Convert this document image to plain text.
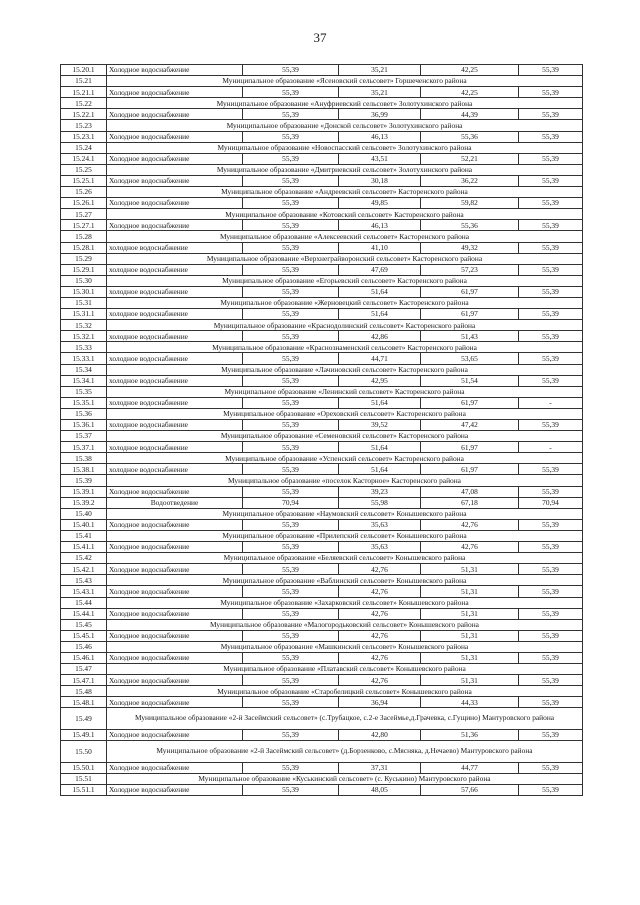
37
15.20.1	Холодное водоснабжение	55,39	35,21	42,25	55,39
15.21	Муниципальное образование «Ясеновский сельсовет» Горшеченского района				
15.21.1	Холодное водоснабжение	55,39	35,21	42,25	55,39
15.22	Муниципальное образование «Ануфриевский сельсовет» Золотухинского района				
15.22.1	Холодное водоснабжение	55,39	36,99	44,39	55,39
15.23	Муниципальное образование «Донской сельсовет» Золотухинского района				
15.23.1	Холодное водоснабжение	55,39	46,13	55,36	55,39
15.24	Муниципальное образование «Новоспасский сельсовет» Золотухинского района				
15.24.1	Холодное водоснабжение	55,39	43,51	52,21	55,39
15.25	Муниципальное образование «Дмитриевский сельсовет» Золотухинского района				
15.25.1	Холодное водоснабжение	55,39	30,18	36,22	55,39
15.26	Муниципальное образование «Андреевский сельсовет» Касторенского района				
15.26.1	Холодное водоснабжение	55,39	49,85	59,82	55,39
15.27	Муниципальное образование «Котовский сельсовет» Касторенского района				
15.27.1	Холодное водоснабжение	55,39	46,13	55,36	55,39
15.28	Муниципальное образование «Алексеевский сельсовет» Касторенского района				
15.28.1	холодное водоснабжение	55,39	41,10	49,32	55,39
15.29	Муниципальное образование «Верхнеграйворонский сельсовет» Касторенского района				
15.29.1	холодное водоснабжение	55,39	47,69	57,23	55,39
15.30	Муниципальное образование «Егорьевский сельсовет» Касторенского района				
15.30.1	холодное водоснабжение	55,39	51,64	61,97	55,39
15.31	Муниципальное образование «Жерновецкий сельсовет» Касторенского района				
15.31.1	холодное водоснабжение	55,39	51,64	61,97	55,39
15.32	Муниципальное образование «Краснодолинский сельсовет» Касторенского района				
15.32.1	холодное водоснабжение	55,39	42,86	51,43	55,39
15.33	Муниципальное образование «Краснознаменский сельсовет» Касторенского района				
15.33.1	холодное водоснабжение	55,39	44,71	53,65	55,39
15.34	Муниципальное образование «Лачиновский сельсовет» Касторенского района				
15.34.1	холодное водоснабжение	55,39	42,95	51,54	55,39
15.35	Муниципальное образование «Ленинский сельсовет» Касторенского района				
15.35.1	холодное водоснабжение	55,39	51,64	61,97	-
15.36	Муниципальное образование «Ореховский сельсовет» Касторенского района				
15.36.1	холодное водоснабжение	55,39	39,52	47,42	55,39
15.37	Муниципальное образование «Семеновский сельсовет» Касторенского района				
15.37.1	холодное водоснабжение	55,39	51,64	61,97	-
15.38	Муниципальное образование «Успенский сельсовет» Касторенского района				
15.38.1	холодное водоснабжение	55,39	51,64	61,97	55,39
15.39	Муниципальное образование «поселок Касторное» Касторенского района				
15.39.1	Холодное водоснабжение	55,39	39,23	47,08	55,39
15.39.2	Водоотведение	70,94	55,98	67,18	70,94
15.40	Муниципальное образование «Наумовский сельсовет» Конышевского района				
15.40.1	Холодное водоснабжение	55,39	35,63	42,76	55,39
15.41	Муниципальное образование «Прилепский сельсовет» Конышевского района				
15.41.1	Холодное водоснабжение	55,39	35,63	42,76	55,39
15.42	Муниципальное образование «Беляевский сельсовет» Конышевского района				
15.42.1	Холодное водоснабжение	55,39	42,76	51,31	55,39
15.43	Муниципальное образование «Ваблинский сельсовет» Конышевского района				
15.43.1	Холодное водоснабжение	55,39	42,76	51,31	55,39
15.44	Муниципальное образование «Захарковский сельсовет» Конышевского района				
15.44.1	Холодное водоснабжение	55,39	42,76	51,31	55,39
15.45	Муниципальное образование «Малогородьковский сельсовет» Конышевского района				
15.45.1	Холодное водоснабжение	55,39	42,76	51,31	55,39
15.46	Муниципальное образование «Машкинский сельсовет» Конышевского района				
15.46.1	Холодное водоснабжение	55,39	42,76	51,31	55,39
15.47	Муниципальное образование «Платавский сельсовет» Конышевского района				
15.47.1	Холодное водоснабжение	55,39	42,76	51,31	55,39
15.48	Муниципальное образование «Старобелицкий сельсовет» Конышевского района				
15.48.1	Холодное водоснабжение	55,39	36,94	44,33	55,39
15.49	Муниципальное образование «2-й Засеймский сельсовет» (с.Трубацкое, с.2-е Засеймье,д.Грачевка, с.Гущино) Мантуровского района				
15.49.1	Холодное водоснабжение	55,39	42,80	51,36	55,39
15.50	Муниципальное образование «2-й Засеймский сельсовет» (д.Борзенково, с.Мясняка, д.Нечаево) Мантуровского района				
15.50.1	Холодное водоснабжение	55,39	37,31	44,77	55,39
15.51	Муниципальное образование «Куськинский сельсовет» (с. Куськино) Мантуровского района				
15.51.1	Холодное водоснабжение	55,39	48,05	57,66	55,39
